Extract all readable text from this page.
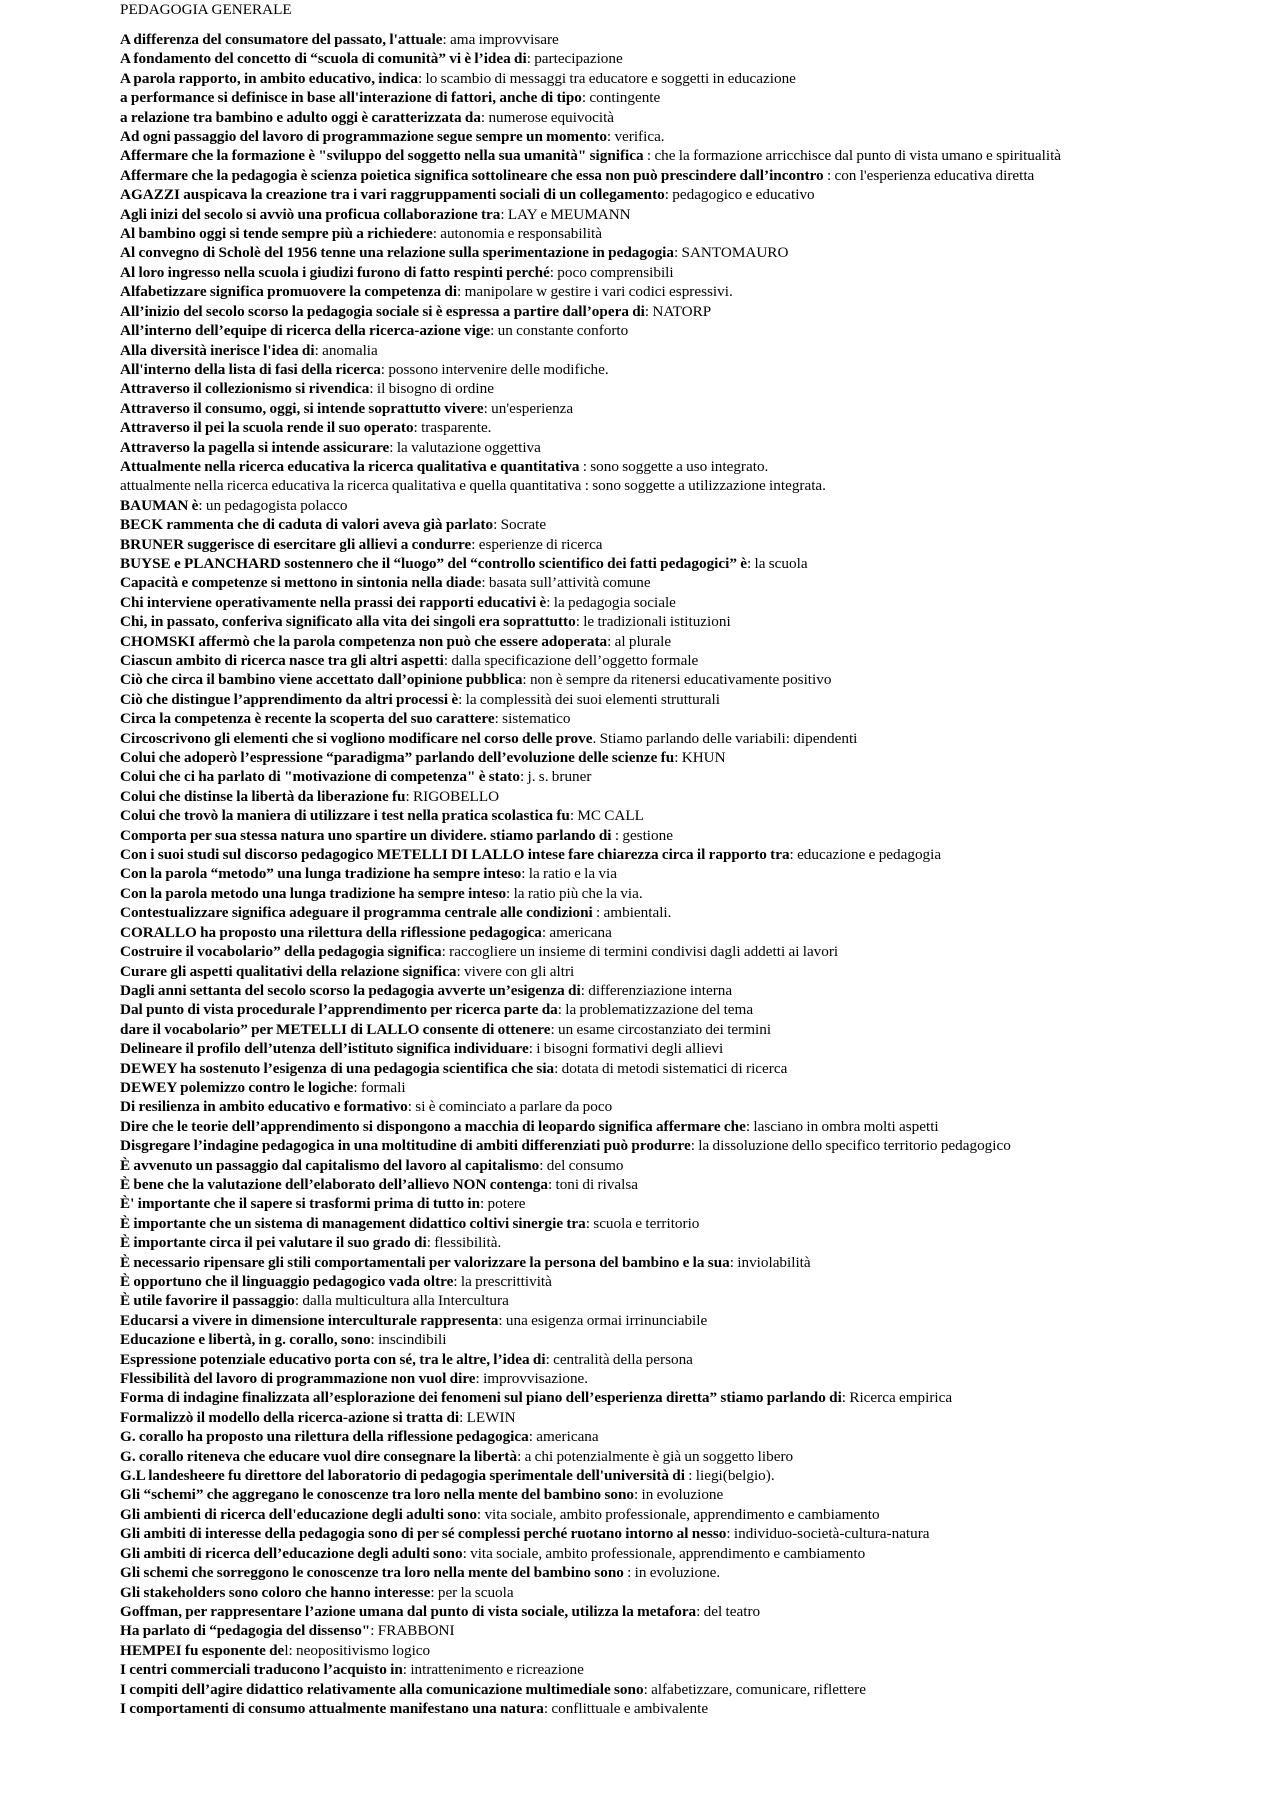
PEDAGOGIA GENERALE
A differenza del consumatore del passato, l'attuale: ama improvvisare
A fondamento del concetto di “scuola di comunità” vi è l’idea di: partecipazione
A parola rapporto, in ambito educativo, indica: lo scambio di messaggi tra educatore e soggetti in educazione
a performance si definisce in base all'interazione di fattori, anche di tipo: contingente
a relazione tra bambino e adulto oggi è caratterizzata da: numerose equivocità
Ad ogni passaggio del lavoro di programmazione segue sempre un momento: verifica.
Affermare che la formazione è "sviluppo del soggetto nella sua umanità" significa : che la formazione arricchisce dal punto di vista umano e spiritualità
Affermare che la pedagogia è scienza poietica significa sottolineare che essa non può prescindere dall’incontro : con l'esperienza educativa diretta
AGAZZI auspicava la creazione tra i vari raggruppamenti sociali di un collegamento: pedagogico e educativo
Agli inizi del secolo si avviò una proficua collaborazione tra: LAY e MEUMANN
Al bambino oggi si tende sempre più a richiedere: autonomia e responsabilità
Al convegno di Scholè del 1956 tenne una relazione sulla sperimentazione in pedagogia: SANTOMAURO
Al loro ingresso nella scuola i giudizi furono di fatto respinti perché: poco comprensibili
Alfabetizzare significa promuovere la competenza di: manipolare w gestire i vari codici espressivi.
All’inizio del secolo scorso la pedagogia sociale si è espressa a partire dall’opera di: NATORP
All’interno dell’equipe di ricerca della ricerca-azione vige: un constante conforto
Alla diversità inerisce l'idea di: anomalia
All'interno della lista di fasi della ricerca: possono intervenire delle modifiche.
Attraverso il collezionismo si rivendica: il bisogno di ordine
Attraverso il consumo, oggi, si intende soprattutto vivere: un'esperienza
Attraverso il pei la scuola rende il suo operato: trasparente.
Attraverso la pagella si intende assicurare: la valutazione oggettiva
Attualmente nella ricerca educativa la ricerca qualitativa e quantitativa : sono soggette a uso integrato.
attualmente nella ricerca educativa la ricerca qualitativa e quella quantitativa : sono soggette a utilizzazione integrata.
BAUMAN è: un pedagogista polacco
BECK rammenta che di caduta di valori aveva già parlato: Socrate
BRUNER suggerisce di esercitare gli allievi a condurre: esperienze di ricerca
BUYSE e PLANCHARD sostennero che il “luogo” del “controllo scientifico dei fatti pedagogici” è: la scuola
Capacità e competenze si mettono in sintonia nella diade: basata sull’attività comune
Chi interviene operativamente nella prassi dei rapporti educativi è: la pedagogia sociale
Chi, in passato, conferiva significato alla vita dei singoli era soprattutto: le tradizionali istituzioni
CHOMSKI affermò che la parola competenza non può che essere adoperata: al plurale
Ciascun ambito di ricerca nasce tra gli altri aspetti: dalla specificazione dell’oggetto formale
Ciò che circa il bambino viene accettato dall’opinione pubblica: non è sempre da ritenersi educativamente positivo
Ciò che distingue l’apprendimento da altri processi è: la complessità dei suoi elementi strutturali
Circa la competenza è recente la scoperta del suo carattere: sistematico
Circoscrivono gli elementi che si vogliono modificare nel corso delle prove. Stiamo parlando delle variabili: dipendenti
Colui che adoperò l’espressione “paradigma” parlando dell’evoluzione delle scienze fu: KHUN
Colui che ci ha parlato di "motivazione di competenza" è stato: j. s. bruner
Colui che distinse la libertà da liberazione fu: RIGOBELLO
Colui che trovò la maniera di utilizzare i test nella pratica scolastica fu: MC CALL
Comporta per sua stessa natura uno spartire un dividere. stiamo parlando di : gestione
Con i suoi studi sul discorso pedagogico METELLI DI LALLO intese fare chiarezza circa il rapporto tra: educazione e pedagogia
Con la parola “metodo” una lunga tradizione ha sempre inteso: la ratio e la via
Con la parola metodo una lunga tradizione ha sempre inteso: la ratio più che la via.
Contestualizzare significa adeguare il programma centrale alle condizioni : ambientali.
CORALLO ha proposto una rilettura della riflessione pedagogica: americana
Costruire il vocabolario” della pedagogia significa: raccogliere un insieme di termini condivisi dagli addetti ai lavori
Curare gli aspetti qualitativi della relazione significa: vivere con gli altri
Dagli anni settanta del secolo scorso la pedagogia avverte un’esigenza di: differenziazione interna
Dal punto di vista procedurale l’apprendimento per ricerca parte da: la problematizzazione del tema
dare il vocabolario” per METELLI di LALLO consente di ottenere: un esame circostanziato dei termini
Delineare il profilo dell’utenza dell’istituto significa individuare: i bisogni formativi degli allievi
DEWEY ha sostenuto l’esigenza di una pedagogia scientifica che sia: dotata di metodi sistematici di ricerca
DEWEY polemizzo contro le logiche: formali
Di resilienza in ambito educativo e formativo: si è cominciato a parlare da poco
Dire che le teorie dell’apprendimento si dispongono a macchia di leopardo significa affermare che: lasciano in ombra molti aspetti
Disgregare l’indagine pedagogica in una moltitudine di ambiti differenziati può produrre: la dissoluzione dello specifico territorio pedagogico
È avvenuto un passaggio dal capitalismo del lavoro al capitalismo: del consumo
È bene che la valutazione dell’elaborato dell’allievo NON contenga: toni di rivalsa
È' importante che il sapere si trasformi prima di tutto in: potere
È importante che un sistema di management didattico coltivi sinergie tra: scuola e territorio
È importante circa il pei valutare il suo grado di: flessibilità.
È necessario ripensare gli stili comportamentali per valorizzare la persona del bambino e la sua: inviolabilità
È opportuno che il linguaggio pedagogico vada oltre: la prescrittività
È utile favorire il passaggio: dalla multicultura alla Intercultura
Educarsi a vivere in dimensione interculturale rappresenta: una esigenza ormai irrinunciabile
Educazione e libertà, in g. corallo, sono: inscindibili
Espressione potenziale educativo porta con sé, tra le altre, l’idea di: centralità della persona
Flessibilità del lavoro di programmazione non vuol dire: improvvisazione.
Forma di indagine finalizzata all’esplorazione dei fenomeni sul piano dell’esperienza diretta” stiamo parlando di: Ricerca empirica
Formalizzò il modello della ricerca-azione si tratta di: LEWIN
G. corallo ha proposto una rilettura della riflessione pedagogica: americana
G. corallo riteneva che educare vuol dire consegnare la libertà: a chi potenzialmente è già un soggetto libero
G.L landesheere fu direttore del laboratorio di pedagogia sperimentale dell'università di : liegi(belgio).
Gli “schemi” che aggregano le conoscenze tra loro nella mente del bambino sono: in evoluzione
Gli ambienti di ricerca dell'educazione degli adulti sono: vita sociale, ambito professionale, apprendimento e cambiamento
Gli ambiti di interesse della pedagogia sono di per sé complessi perché ruotano intorno al nesso: individuo-società-cultura-natura
Gli ambiti di ricerca dell’educazione degli adulti sono: vita sociale, ambito professionale, apprendimento e cambiamento
Gli schemi che sorreggono le conoscenze tra loro nella mente del bambino sono : in evoluzione.
Gli stakeholders sono coloro che hanno interesse: per la scuola
Goffman, per rappresentare l’azione umana dal punto di vista sociale, utilizza la metafora: del teatro
Ha parlato di “pedagogia del dissenso": FRABBONI
HEMPEI fu esponente del: neopositivismo logico
I centri commerciali traducono l’acquisto in: intrattenimento e ricreazione
I compiti dell’agire didattico relativamente alla comunicazione multimediale sono: alfabetizzare, comunicare, riflettere
I comportamenti di consumo attualmente manifestano una natura: conflittuale e ambivalente
